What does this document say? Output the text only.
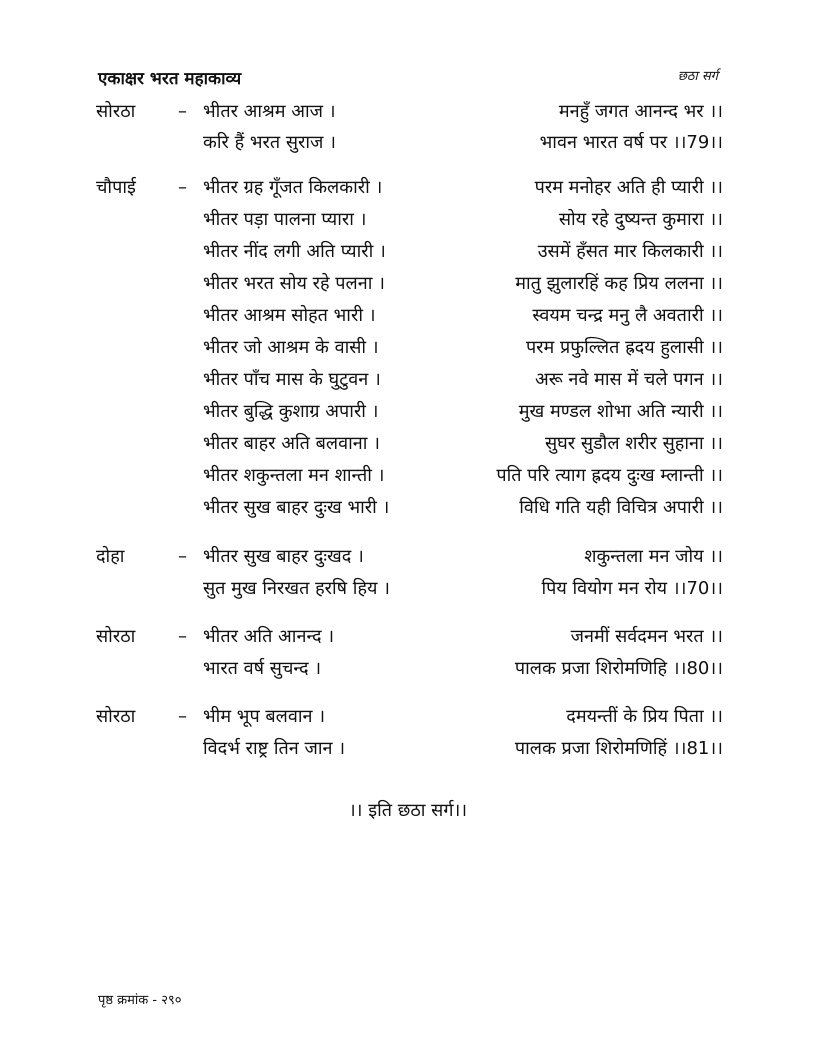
एकाक्षर भरत महाकाव्य	छठा सर्ग
सोरठा – भीतर आश्रम आज ।	मनहुँ जगत आनन्द भर ।।
करि हैं भरत सुराज ।	भावन भारत वर्ष पर ।।79।।
चौपाई – भीतर ग्रह गूँजत किलकारी ।	परम मनोहर अति ही प्यारी ।।
भीतर पड़ा पालना प्यारा ।	सोय रहे दुष्यन्त कुमारा ।।
भीतर नींद लगी अति प्यारी ।	उसमें हँसत मार किलकारी ।।
भीतर भरत सोय रहे पलना ।	मातु झुलारहिं कह प्रिय ललना ।।
भीतर आश्रम सोहत भारी ।	स्वयम चन्द्र मनु लै अवतारी ।।
भीतर जो आश्रम के वासी ।	परम प्रफुल्लित ह्रदय हुलासी ।।
भीतर पाँच मास के घुटुवन ।	अरू नवे मास में चले पगन ।।
भीतर बुद्धि कुशाग्र अपारी ।	मुख मण्डल शोभा अति न्यारी ।।
भीतर बाहर अति बलवाना ।	सुघर सुडौल शरीर सुहाना ।।
भीतर शकुन्तला मन शान्ती ।	पति परि त्याग ह्रदय दुःख म्लान्ती ।।
भीतर सुख बाहर दुःख भारी ।	विधि गति यही विचित्र अपारी ।।
दोहा	– भीतर सुख बाहर दुःखद ।	शकुन्तला मन जोय ।।
सुत मुख निरखत हरषि हिय ।	पिय वियोग मन रोय ।।70।।
सोरठा – भीतर अति आनन्द ।	जनमीं सर्वदमन भरत ।।
भारत वर्ष सुचन्द ।	पालक प्रजा शिरोमणिहि ।।80।।
सोरठा – भीम भूप बलवान ।	दमयन्तीं के प्रिय पिता ।।
विदर्भ राष्ट्र तिन जान ।	पालक प्रजा शिरोमणिहिं ।।81।।
।। इति छठा सर्ग।।
पृष्ठ क्रमांक - २९०
